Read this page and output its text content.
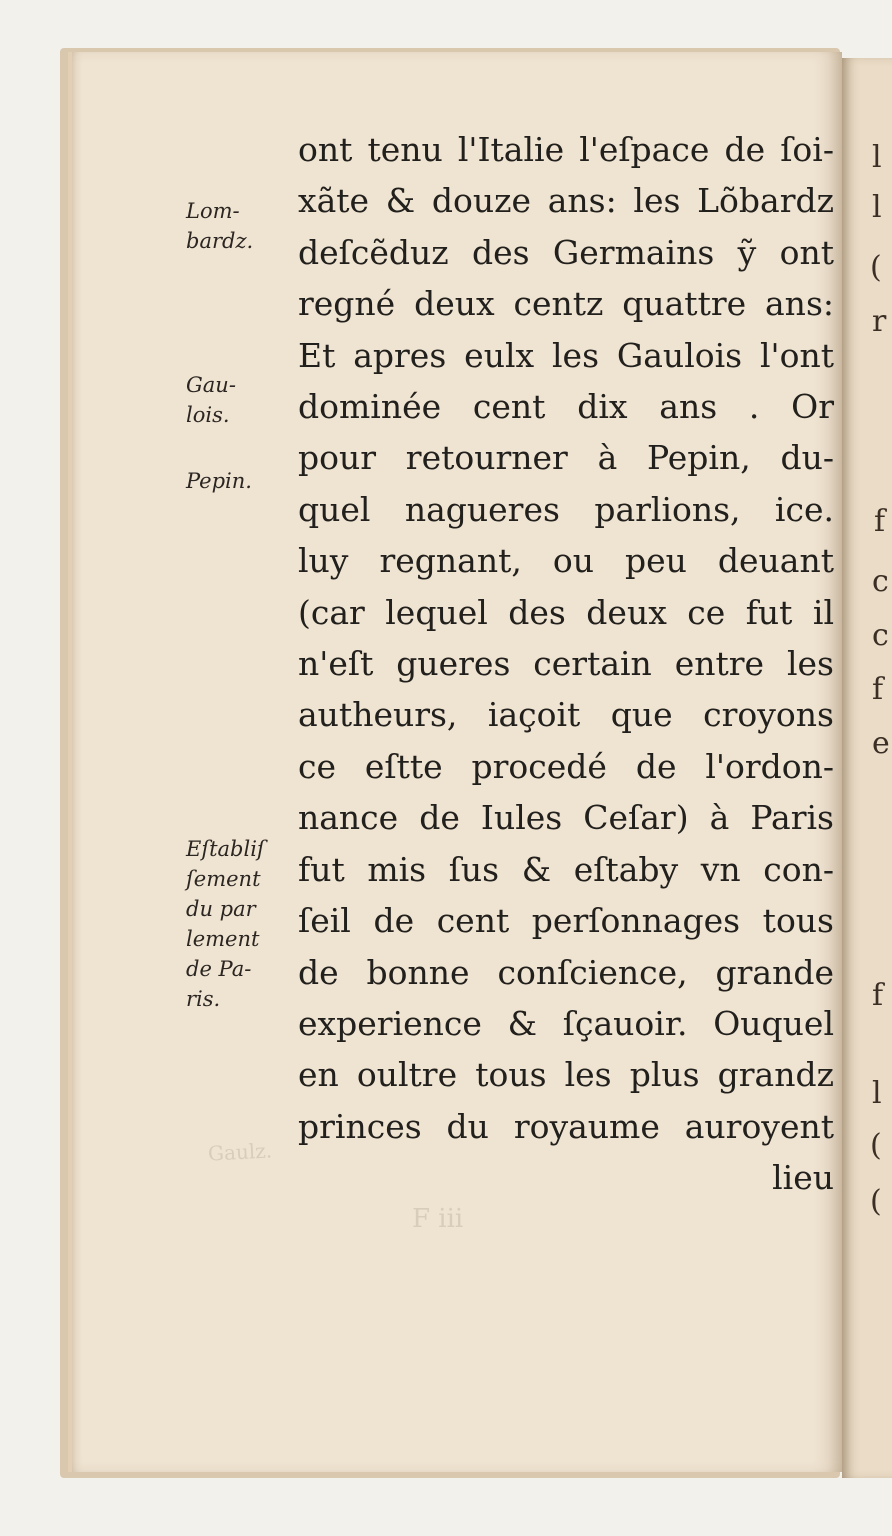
l
l
(
r
f
c
c
f
e
f
l
(
(
Gaulz.
F iii
Lom-
bardz.
Gau-
lois.
Pepin.
Eſtabliſ
ſement
du par
lement
de Pa-
ris.
ont tenu l'Italie l'eſpace de ſoi-
xãte & douze ans: les Lõbardz
deſcẽduz des Germains ỹ ont
regné deux centz quattre ans:
Et apres eulx les Gaulois l'ont
dominée cent dix ans . Or
pour retourner à Pepin, du-
quel nagueres parlions, ice.
luy regnant, ou peu deuant
(car lequel des deux ce fut il
n'eſt gueres certain entre les
autheurs, iaçoit que croyons
ce eſtte procedé de l'ordon-
nance de Iules Ceſar) à Paris
fut mis ſus & eſtaby vn con-
ſeil de cent perſonnages tous
de bonne conſcience, grande
experience & ſçauoir. Ouquel
en oultre tous les plus grandz
princes du royaume auroyent
lieu
